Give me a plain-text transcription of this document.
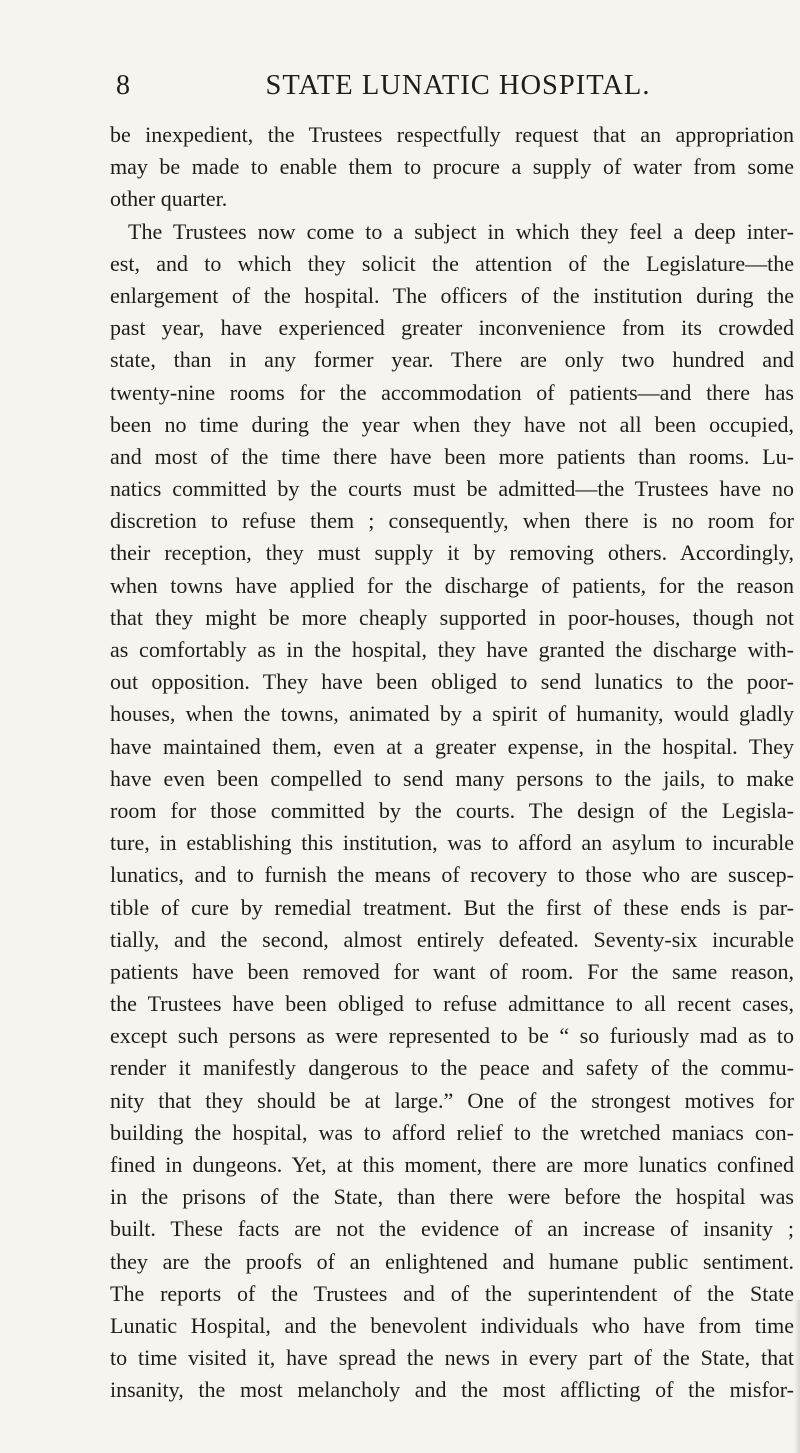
8	STATE LUNATIC HOSPITAL.
be inexpedient, the Trustees respectfully request that an appropriation
may be made to enable them to procure a supply of water from some
other quarter.
The Trustees now come to a subject in which they feel a deep inter-
est, and to which they solicit the attention of the Legislature—the
enlargement of the hospital. The officers of the institution during the
past year, have experienced greater inconvenience from its crowded
state, than in any former year. There are only two hundred and
twenty-nine rooms for the accommodation of patients—and there has
been no time during the year when they have not all been occupied,
and most of the time there have been more patients than rooms. Lu-
natics committed by the courts must be admitted—the Trustees have no
discretion to refuse them ; consequently, when there is no room for
their reception, they must supply it by removing others. Accordingly,
when towns have applied for the discharge of patients, for the reason
that they might be more cheaply supported in poor-houses, though not
as comfortably as in the hospital, they have granted the discharge with-
out opposition. They have been obliged to send lunatics to the poor-
houses, when the towns, animated by a spirit of humanity, would gladly
have maintained them, even at a greater expense, in the hospital. They
have even been compelled to send many persons to the jails, to make
room for those committed by the courts. The design of the Legisla-
ture, in establishing this institution, was to afford an asylum to incurable
lunatics, and to furnish the means of recovery to those who are suscep-
tible of cure by remedial treatment. But the first of these ends is par-
tially, and the second, almost entirely defeated. Seventy-six incurable
patients have been removed for want of room. For the same reason,
the Trustees have been obliged to refuse admittance to all recent cases,
except such persons as were represented to be “ so furiously mad as to
render it manifestly dangerous to the peace and safety of the commu-
nity that they should be at large.” One of the strongest motives for
building the hospital, was to afford relief to the wretched maniacs con-
fined in dungeons. Yet, at this moment, there are more lunatics confined
in the prisons of the State, than there were before the hospital was
built. These facts are not the evidence of an increase of insanity ;
they are the proofs of an enlightened and humane public sentiment.
The reports of the Trustees and of the superintendent of the State
Lunatic Hospital, and the benevolent individuals who have from time
to time visited it, have spread the news in every part of the State, that
insanity, the most melancholy and the most afflicting of the misfor-
